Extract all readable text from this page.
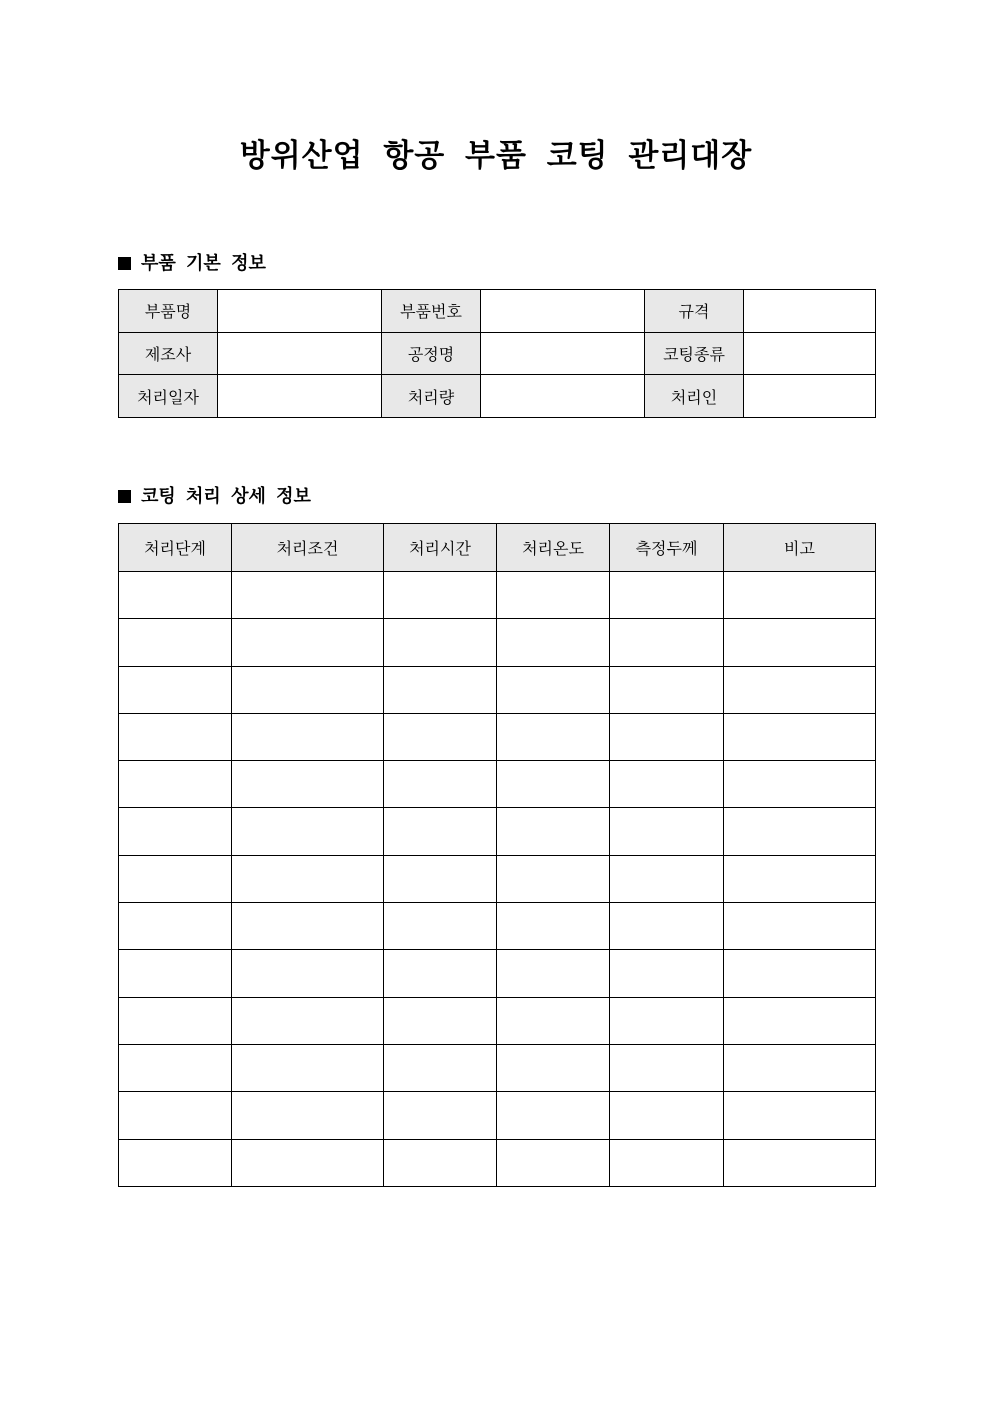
방위산업 항공 부품 코팅 관리대장
부품 기본 정보
부품명		부품번호		규격	
제조사		공정명		코팅종류	
처리일자		처리량		처리인	
코팅 처리 상세 정보
처리단계	처리조건	처리시간	처리온도	측정두께	비고
